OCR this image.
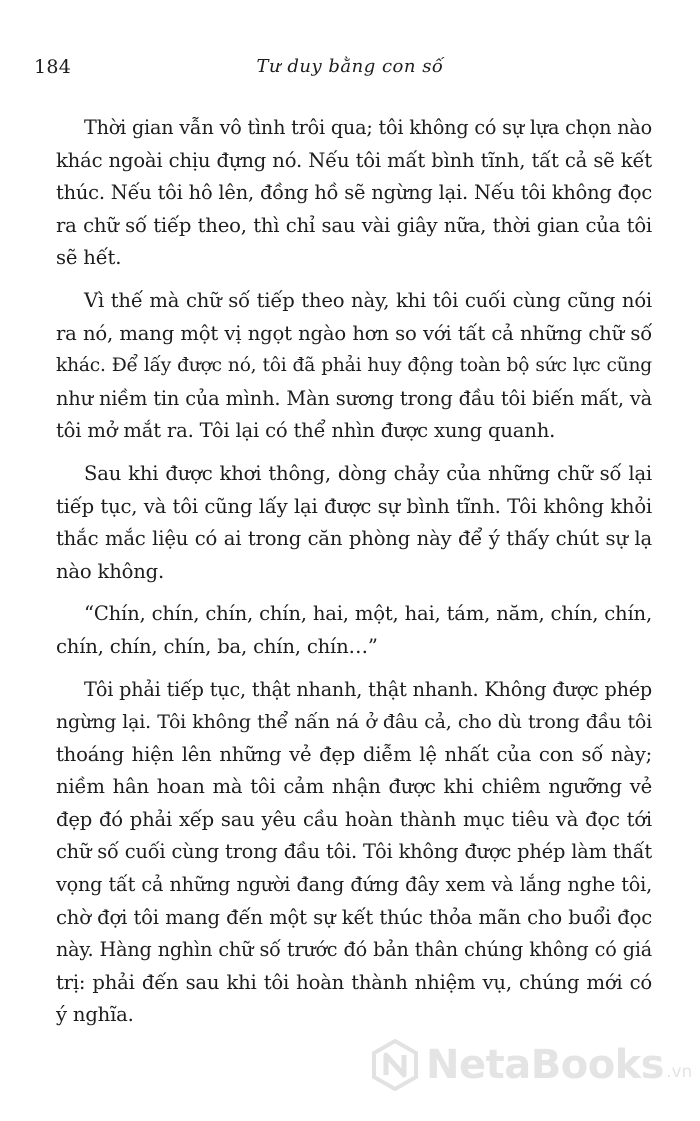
184	Tư duy bằng con số

Thời gian vẫn vô tình trôi qua; tôi không có sự lựa chọn nào
khác ngoài chịu đựng nó. Nếu tôi mất bình tĩnh, tất cả sẽ kết
thúc. Nếu tôi hô lên, đồng hồ sẽ ngừng lại. Nếu tôi không đọc
ra chữ số tiếp theo, thì chỉ sau vài giây nữa, thời gian của tôi
sẽ hết.

Vì thế mà chữ số tiếp theo này, khi tôi cuối cùng cũng nói
ra nó, mang một vị ngọt ngào hơn so với tất cả những chữ số
khác. Để lấy được nó, tôi đã phải huy động toàn bộ sức lực cũng
như niềm tin của mình. Màn sương trong đầu tôi biến mất, và
tôi mở mắt ra. Tôi lại có thể nhìn được xung quanh.

Sau khi được khơi thông, dòng chảy của những chữ số lại
tiếp tục, và tôi cũng lấy lại được sự bình tĩnh. Tôi không khỏi
thắc mắc liệu có ai trong căn phòng này để ý thấy chút sự lạ
nào không.

“Chín, chín, chín, chín, hai, một, hai, tám, năm, chín, chín,
chín, chín, chín, ba, chín, chín…”

Tôi phải tiếp tục, thật nhanh, thật nhanh. Không được phép
ngừng lại. Tôi không thể nấn ná ở đâu cả, cho dù trong đầu tôi
thoáng hiện lên những vẻ đẹp diễm lệ nhất của con số này;
niềm hân hoan mà tôi cảm nhận được khi chiêm ngưỡng vẻ
đẹp đó phải xếp sau yêu cầu hoàn thành mục tiêu và đọc tới
chữ số cuối cùng trong đầu tôi. Tôi không được phép làm thất
vọng tất cả những người đang đứng đây xem và lắng nghe tôi,
chờ đợi tôi mang đến một sự kết thúc thỏa mãn cho buổi đọc
này. Hàng nghìn chữ số trước đó bản thân chúng không có giá
trị: phải đến sau khi tôi hoàn thành nhiệm vụ, chúng mới có
ý nghĩa.

NetaBooks .vn
